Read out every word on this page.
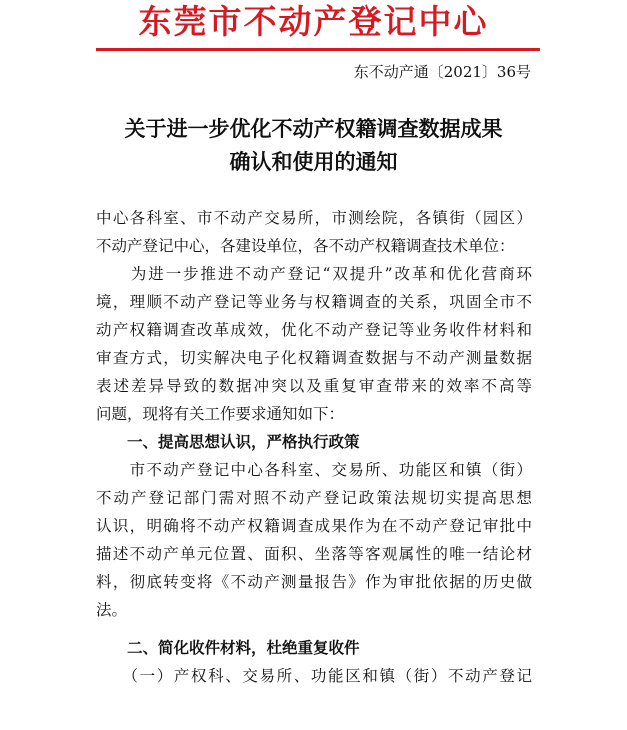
东莞市不动产登记中心
东不动产通〔2021〕36号
关于进一步优化不动产权籍调查数据成果
确认和使用的通知

中心各科室、市不动产交易所，市测绘院，各镇街（园区）
不动产登记中心，各建设单位，各不动产权籍调查技术单位：

　　为进一步推进不动产登记“双提升”改革和优化营商环
境，理顺不动产登记等业务与权籍调查的关系，巩固全市不
动产权籍调查改革成效，优化不动产登记等业务收件材料和
审查方式，切实解决电子化权籍调查数据与不动产测量数据
表述差异导致的数据冲突以及重复审查带来的效率不高等
问题，现将有关工作要求通知如下：

　　一、提高思想认识，严格执行政策

　　市不动产登记中心各科室、交易所、功能区和镇（街）
不动产登记部门需对照不动产登记政策法规切实提高思想
认识，明确将不动产权籍调查成果作为在不动产登记审批中
描述不动产单元位置、面积、坐落等客观属性的唯一结论材
料，彻底转变将《不动产测量报告》作为审批依据的历史做
法。

　　二、简化收件材料，杜绝重复收件

　　（一）产权科、交易所、功能区和镇（街）不动产登记
